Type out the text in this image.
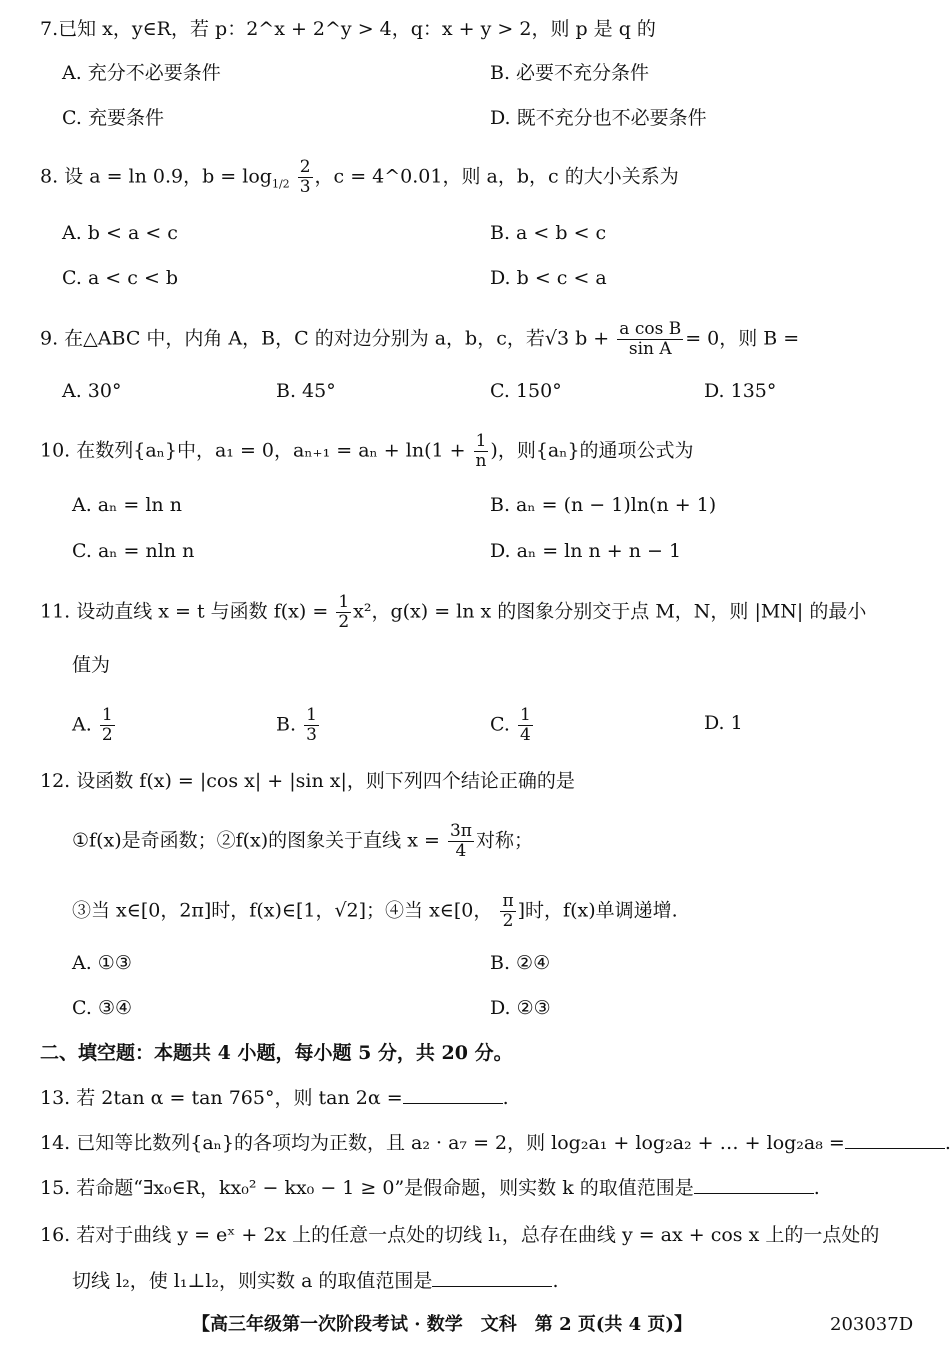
7.已知 x，y∈R，若 p：2^x + 2^y > 4，q：x + y > 2，则 p 是 q 的
A. 充分不必要条件	B. 必要不充分条件
C. 充要条件	D. 既不充分也不必要条件
8. 设 a = ln 0.9，$b = \log_{1/2} \frac{2}{3}$ ，c = 4^0.01，则 a，b，c 的大小关系为
A. b < a < c	B. a < b < c
C. a < c < b	D. b < c < a
9. 在△ABC 中，内角 A，B，C 的对边分别为 a，b，c，若√3 $b + \frac{\text{a cos B}}{\text{sin A}} = 0$，则 B =
A. 30°	B. 45°	C. 150°	D. 135°
10. 在数列{aₙ}中，a₁ = 0，$a_{n+1} = a_n + \ln(1 + \frac{1}{n}$ )，则{aₙ}的通项公式为
A. aₙ = ln n	B. aₙ = (n − 1)ln(n + 1)
C. aₙ = nln n	D. aₙ = ln n + n − 1
11. 设动直线 x = t 与函数 $f(x) = \frac{1}{2} x^2$，g(x) = ln x 的图象分别交于点 M，N，则 |MN| 的最小
值为
A. $\frac{1}{2}$	B. $\frac{1}{3}$	C. $\frac{1}{4}$	D. 1
12. 设函数 f(x) = |cos x| + |sin x|，则下列四个结论正确的是
①f(x)是奇函数；②f(x)的图象关于直线 $x = \frac{3\pi}{4}$ 对称；
③当 x∈[0，2π]时，f(x)∈[1，√2]；④当 x∈[0， $\frac{\pi}{2}$ ]时，f(x)单调递增.
A. ①③	B. ②④
C. ③④	D. ②③
二、填空题：本题共 4 小题，每小题 5 分，共 20 分。
13. 若 2tan α = tan 765°，则 tan 2α =	.
14. 已知等比数列{aₙ}的各项均为正数，且 a₂ · a₇ = 2，则 log₂a₁ + log₂a₂ + … + log₂a₈ =	.
15. 若命题“∃x₀∈R，kx₀² − kx₀ − 1 ≥ 0”是假命题，则实数 k 的取值范围是	.
16. 若对于曲线 y = eˣ + 2x 上的任意一点处的切线 l₁，总存在曲线 y = ax + cos x 上的一点处的
切线 l₂，使 l₁⊥l₂，则实数 a 的取值范围是	.
【高三年级第一次阶段考试 · 数学　文科　第 2 页(共 4 页)】	203037D
